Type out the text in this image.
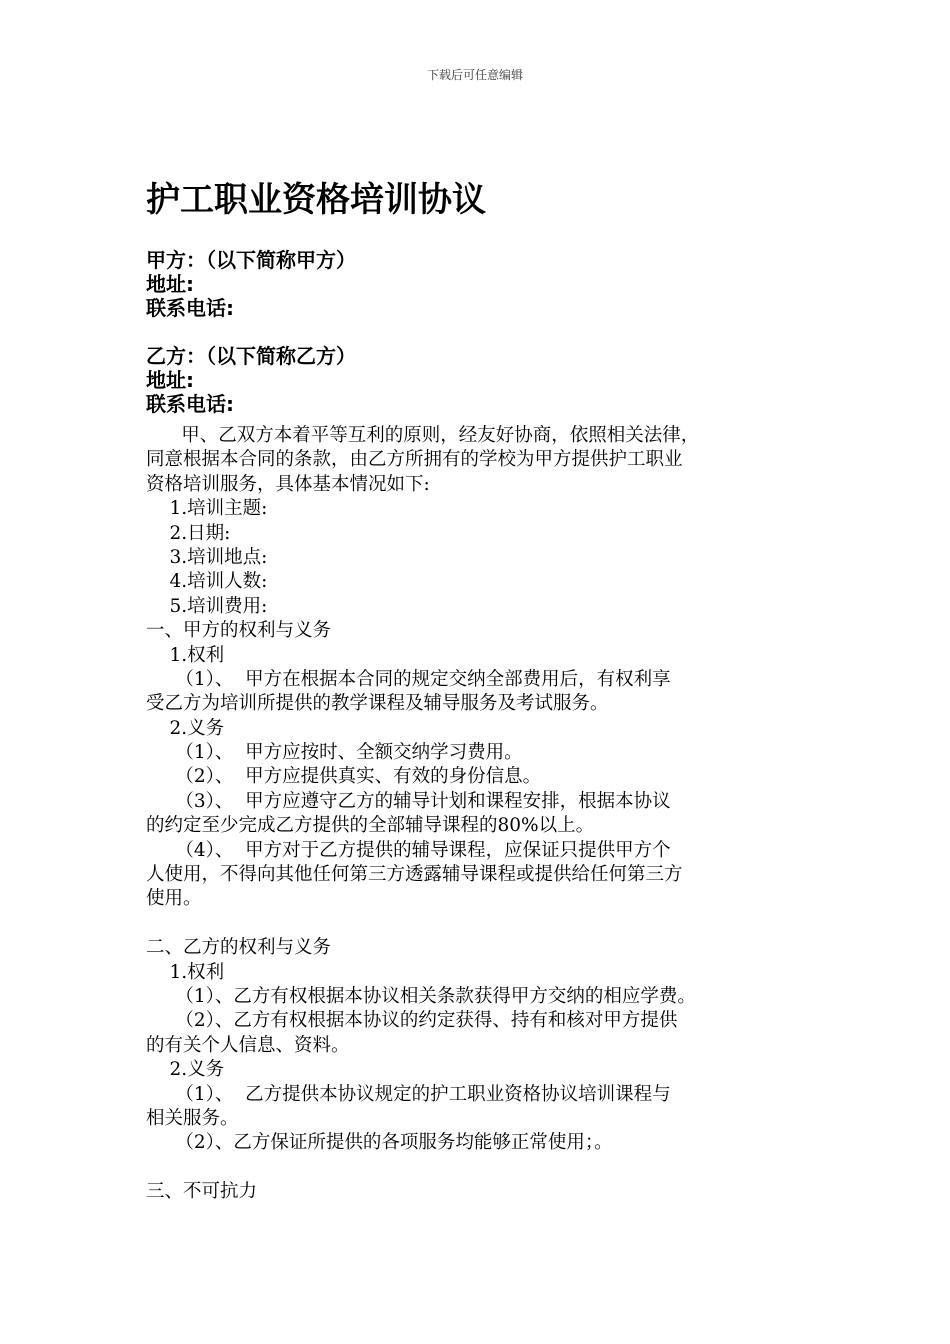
下载后可任意编辑
护工职业资格培训协议
甲方：（以下简称甲方）
地址:
联系电话:
乙方：（以下简称乙方）
地址:
联系电话:
甲、乙双方本着平等互利的原则，经友好协商，依照相关法律，
同意根据本合同的条款，由乙方所拥有的学校为甲方提供护工职业
资格培训服务，具体基本情况如下:
1.培训主题:
2.日期:
3.培训地点:
4.培训人数:
5.培训费用:
一、甲方的权利与义务
1.权利
（1）、  甲方在根据本合同的规定交纳全部费用后，有权利享
受乙方为培训所提供的教学课程及辅导服务及考试服务。
2.义务
（1）、  甲方应按时、全额交纳学习费用。
（2）、  甲方应提供真实、有效的身份信息。
（3）、  甲方应遵守乙方的辅导计划和课程安排，根据本协议
的约定至少完成乙方提供的全部辅导课程的80%以上。
（4）、  甲方对于乙方提供的辅导课程，应保证只提供甲方个
人使用，不得向其他任何第三方透露辅导课程或提供给任何第三方
使用。
二、乙方的权利与义务
1.权利
（1）、乙方有权根据本协议相关条款获得甲方交纳的相应学费。
（2）、乙方有权根据本协议的约定获得、持有和核对甲方提供
的有关个人信息、资料。
2.义务
（1）、  乙方提供本协议规定的护工职业资格协议培训课程与
相关服务。
（2）、乙方保证所提供的各项服务均能够正常使用；。
三、不可抗力
